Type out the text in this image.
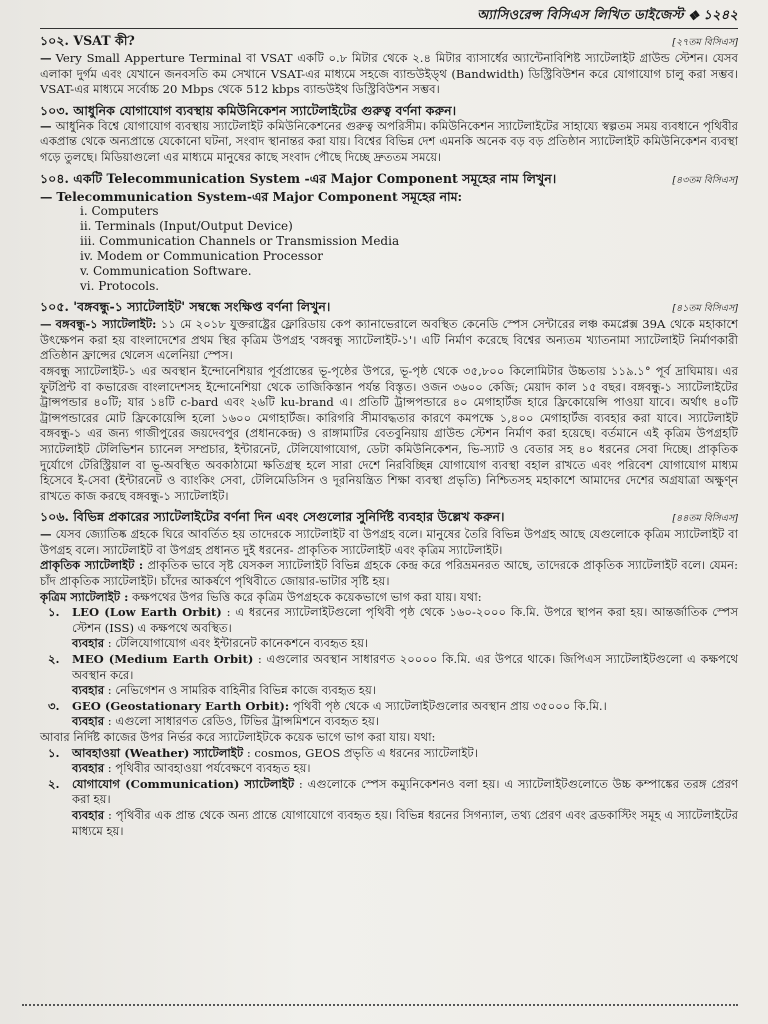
অ্যাসিওরেন্স বিসিএস লিখিত ডাইজেস্ট ❖ ১২৪২
১০২. VSAT কী?	[২৭তম বিসিএস]
— Very Small Apperture Terminal বা VSAT একটি ০.৮ মিটার থেকে ২.৪ মিটার ব্যাসার্ধের অ্যান্টেনাবিশিষ্ট স্যাটেলাইট গ্রাউন্ড স্টেশন। যেসব এলাকা দুর্গম এবং যেখানে জনবসতি কম সেখানে VSAT-এর মাধ্যমে সহজে ব্যান্ডউইড্থ (Bandwidth) ডিস্ট্রিবিউশন করে যোগাযোগ চালু করা সম্ভব। VSAT-এর মাধ্যমে সর্বোচ্চ 20 Mbps থেকে 512 kbps ব্যান্ডউইথ ডিস্ট্রিবিউশন সম্ভব।
১০৩. আধুনিক যোগাযোগ ব্যবস্থায় কমিউনিকেশন স্যাটেলাইটের গুরুত্ব বর্ণনা করুন।
— আধুনিক বিশ্বে যোগাযোগ ব্যবস্থায় স্যাটেলাইট কমিউনিকেশনের গুরুত্ব অপরিসীম। কমিউনিকেশন স্যাটেলাইটের সাহায্যে স্বল্পতম সময় ব্যবধানে পৃথিবীর একপ্রান্ত থেকে অন্যপ্রান্তে যেকোনো ঘটনা, সংবাদ স্থানান্তর করা যায়। বিশ্বের বিভিন্ন দেশ এমনকি অনেক বড় বড় প্রতিষ্ঠান স্যাটেলাইট কমিউনিকেশন ব্যবস্থা গড়ে তুলছে। মিডিয়াগুলো এর মাধ্যমে মানুষের কাছে সংবাদ পৌছে দিচ্ছে দ্রুততম সময়ে।
১০৪. একটি Telecommunication System -এর Major Component সমূহের নাম লিখুন।	[৪৩তম বিসিএস]
— Telecommunication System-এর Major Component সমূহের নাম:
i. Computers
ii. Terminals (Input/Output Device)
iii. Communication Channels or Transmission Media
iv. Modem or Communication Processor
v. Communication Software.
vi. Protocols.
১০৫. 'বঙ্গবন্ধু-১ স্যাটেলাইট' সম্বন্ধে সংক্ষিপ্ত বর্ণনা লিখুন।	[৪১তম বিসিএস]

— বঙ্গবন্ধু-১ স্যাটেলাইট: ১১ মে ২০১৮ যুক্তরাষ্ট্রের ফ্লোরিডায় কেপ ক্যানাভেরালে অবস্থিত কেনেডি স্পেস সেন্টারের লঞ্চ কমপ্লেক্স 39A থেকে মহাকাশে উৎক্ষেপন করা হয় বাংলাদেশের প্রথম স্থির কৃত্রিম উপগ্রহ 'বঙ্গবন্ধু স্যাটেলাইট-১'। এটি নির্মাণ করেছে বিশ্বের অন্যতম খ্যাতনামা স্যাটেলাইট নির্মাণকারী প্রতিষ্ঠান ফ্রান্সের থেলেস এলেনিয়া স্পেস।

বঙ্গবন্ধু স্যাটেলাইট-১ এর অবস্থান ইন্দোনেশিয়ার পূর্বপ্রান্তের ভূ-পৃষ্ঠের উপরে, ভূ-পৃষ্ঠ থেকে ৩৫,৮০০ কিলোমিটার উচ্চতায় ১১৯.১° পূর্ব দ্রাঘিমায়। এর ফুটপ্রিন্ট বা কভারেজ বাংলাদেশসহ ইন্দোনেশিয়া থেকে তাজিকিস্তান পর্যন্ত বিস্তৃত। ওজন ৩৬০০ কেজি; মেয়াদ কাল ১৫ বছর। বঙ্গবন্ধু-১ স্যাটেলাইটের ট্রান্সপন্ডার ৪০টি; যার ১৪টি c-bard এবং ২৬টি ku-brand এ। প্রতিটি ট্রান্সপন্ডারে ৪০ মেগাহার্টজ হারে ফ্রিকোয়েন্সি পাওয়া যাবে। অর্থাৎ ৪০টি ট্রান্সপন্ডারের মোট ফ্রিকোয়েন্সি হলো ১৬০০ মেগাহার্টজ। কারিগরি সীমাবদ্ধতার কারণে কমপক্ষে ১,৪০০ মেগাহার্টজ ব্যবহার করা যাবে। স্যাটেলাইট বঙ্গবন্ধু-১ এর জন্য গাজীপুরের জয়দেবপুর (প্রধানকেন্দ্র) ও রাঙ্গামাটির বেতবুনিয়ায় গ্রাউন্ড স্টেশন নির্মাণ করা হয়েছে। বর্তমানে এই কৃত্রিম উপগ্রহটি স্যাটেলাইট টেলিভিশন চ্যানেল সম্প্রচার, ইন্টারনেট, টেলিযোগাযোগ, ডেটা কমিউনিকেশন, ভি-স্যাট ও বেতার সহ ৪০ ধরনের সেবা দিচ্ছে। প্রাকৃতিক দুর্যোগে টেরিস্ট্রিয়াল বা ভূ-অবস্থিত অবকাঠামো ক্ষতিগ্রস্থ হলে সারা দেশে নিরবিচ্ছিন্ন যোগাযোগ ব্যবস্থা বহাল রাখতে এবং পরিবেশ যোগাযোগ মাধ্যম হিসেবে ই-সেবা (ইন্টারনেট ও ব্যাংকিং সেবা, টেলিমেডিসিন ও দূরনিয়ন্ত্রিত শিক্ষা ব্যবস্থা প্রভৃতি) নিশ্চিতসহ মহাকাশে আমাদের দেশের অগ্রযাত্রা অক্ষুণ্ন রাখতে কাজ করছে বঙ্গবন্ধু-১ স্যাটেলাইট।

১০৬. বিভিন্ন প্রকারের স্যাটেলাইটের বর্ণনা দিন এবং সেগুলোর সুনির্দিষ্ট ব্যবহার উল্লেখ করুন।	[৪৪তম বিসিএস]

— যেসব জ্যোতিষ্ক গ্রহকে ঘিরে আবর্তিত হয় তাদেরকে স্যাটেলাইট বা উপগ্রহ বলে। মানুষের তৈরি বিভিন্ন উপগ্রহ আছে যেগুলোকে কৃত্রিম স্যাটেলাইট বা উপগ্রহ বলে। স্যাটেলাইট বা উপগ্রহ প্রধানত দুই ধরনের- প্রাকৃতিক স্যাটেলাইট এবং কৃত্রিম স্যাটেলাইট।

প্রাকৃতিক স্যাটেলাইট : প্রাকৃতিক ভাবে সৃষ্ট যেসকল স্যাটেলাইট বিভিন্ন গ্রহকে কেন্দ্র করে পরিভ্রমনরত আছে, তাদেরকে প্রাকৃতিক স্যাটেলাইট বলে। যেমন: চাঁদ প্রাকৃতিক স্যাটেলাইট। চাঁদের আকর্ষণে পৃথিবীতে জোয়ার-ভাটার সৃষ্টি হয়।

কৃত্রিম স্যাটেলাইট : কক্ষপথের উপর ভিত্তি করে কৃত্রিম উপগ্রহকে কয়েকভাগে ভাগ করা যায়। যথা:

১.	LEO (Low Earth Orbit) : এ ধরনের স্যাটেলাইটগুলো পৃথিবী পৃষ্ঠ থেকে ১৬০-২০০০ কি.মি. উপরে স্থাপন করা হয়। আন্তর্জাতিক স্পেস স্টেশন (ISS) এ কক্ষপথে অবস্থিত।
ব্যবহার : টেলিযোগাযোগ এবং ইন্টারনেট কানেকশনে ব্যবহৃত হয়।
২.	MEO (Medium Earth Orbit) : এগুলোর অবস্থান সাধারণত ২০০০০ কি.মি. এর উপরে থাকে। জিপিএস স্যাটেলাইটগুলো এ কক্ষপথে অবস্থান করে।
ব্যবহার : নেভিগেশন ও সামরিক বাহিনীর বিভিন্ন কাজে ব্যবহৃত হয়।
৩.	GEO (Geostationary Earth Orbit): পৃথিবী পৃষ্ঠ থেকে এ স্যাটেলাইটগুলোর অবস্থান প্রায় ৩৫০০০ কি.মি.।
ব্যবহার : এগুলো সাধারণত রেডিও, টিভির ট্রান্সমিশনে ব্যবহৃত হয়।

আবার নির্দিষ্ট কাজের উপর নির্ভর করে স্যাটেলাইটকে কয়েক ভাগে ভাগ করা যায়। যথা:

১.	আবহাওয়া (Weather) স্যাটেলাইট : cosmos, GEOS প্রভৃতি এ ধরনের স্যাটেলাইট।
ব্যবহার : পৃথিবীর আবহাওয়া পর্যবেক্ষণে ব্যবহৃত হয়।
২.	যোগাযোগ (Communication) স্যাটেলাইট : এগুলোকে স্পেস কম্যুনিকেশনও বলা হয়। এ স্যাটেলাইটগুলোতে উচ্চ কম্পাঙ্কের তরঙ্গ প্রেরণ করা হয়।
ব্যবহার : পৃথিবীর এক প্রান্ত থেকে অন্য প্রান্তে যোগাযোগে ব্যবহৃত হয়। বিভিন্ন ধরনের সিগন্যাল, তথ্য প্রেরণ এবং ব্রডকাস্টিং সমূহ এ স্যাটেলাইটের মাধ্যমে হয়।
